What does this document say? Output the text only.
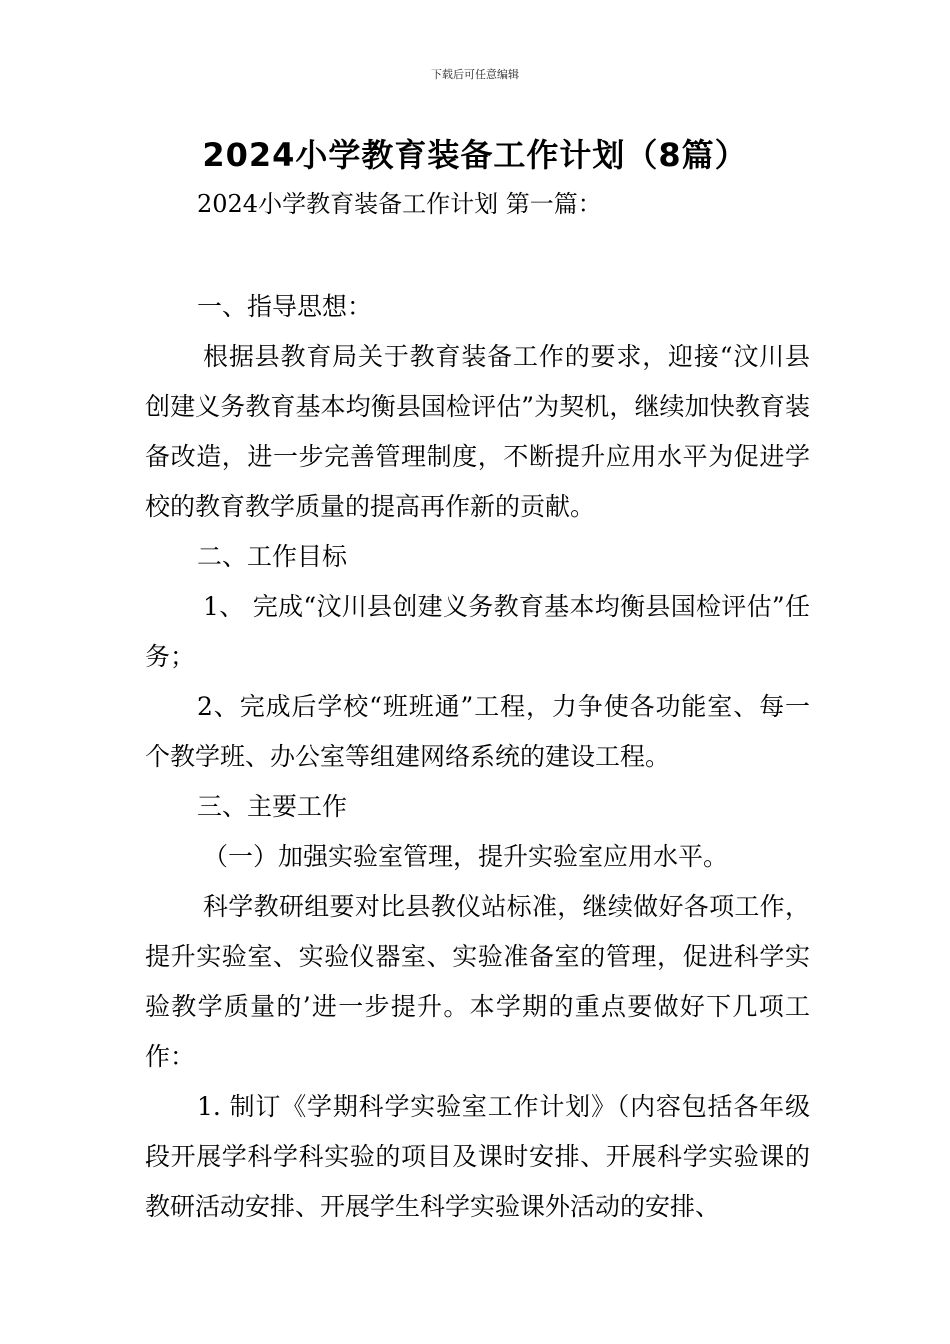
下载后可任意编辑
2024小学教育装备工作计划（8篇）

2024小学教育装备工作计划 第一篇：

一、指导思想：

根据县教育局关于教育装备工作的要求，迎接“汶川县创建义务教育基本均衡县国检评估”为契机，继续加快教育装备改造，进一步完善管理制度，不断提升应用水平为促进学校的教育教学质量的提高再作新的贡献。

二、工作目标

1、 完成“汶川县创建义务教育基本均衡县国检评估”任务；

2、完成后学校“班班通”工程，力争使各功能室、每一个教学班、办公室等组建网络系统的建设工程。

三、主要工作

（一）加强实验室管理，提升实验室应用水平。

科学教研组要对比县教仪站标准，继续做好各项工作，提升实验室、实验仪器室、实验准备室的管理，促进科学实验教学质量的’进一步提升。本学期的重点要做好下几项工作：

1. 制订《学期科学实验室工作计划》（内容包括各年级段开展学科学科实验的项目及课时安排、开展科学实验课的教研活动安排、开展学生科学实验课外活动的安排、
